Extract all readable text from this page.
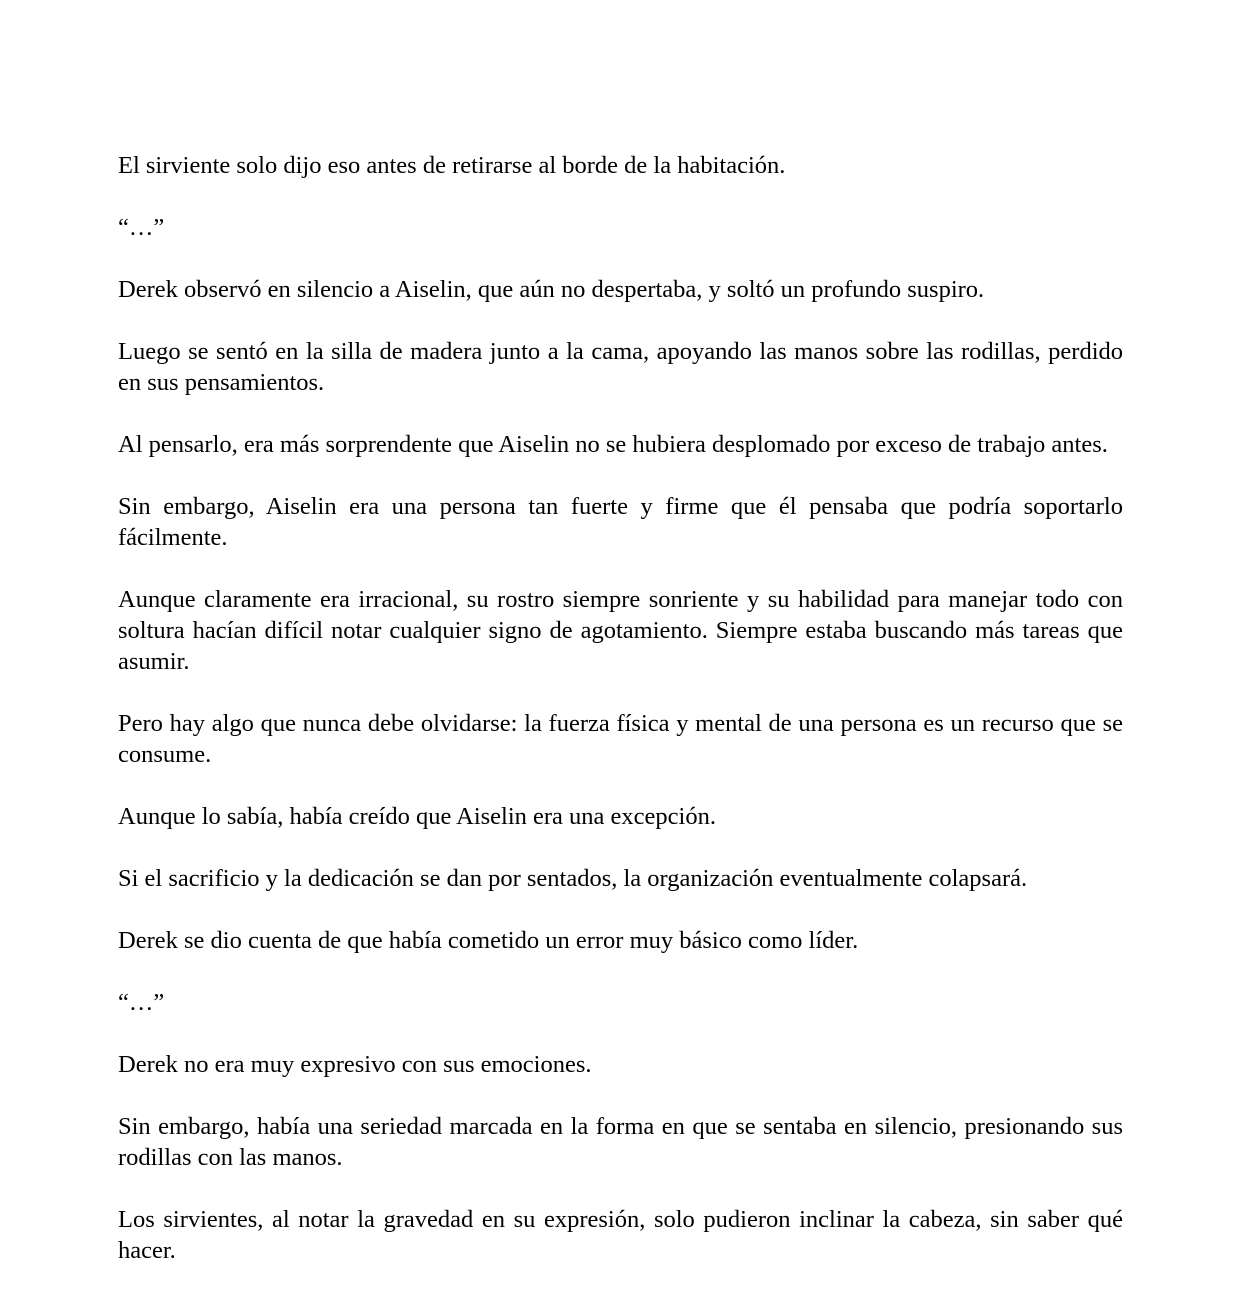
El sirviente solo dijo eso antes de retirarse al borde de la habitación.

“…”

Derek observó en silencio a Aiselin, que aún no despertaba, y soltó un profundo suspiro.

Luego se sentó en la silla de madera junto a la cama, apoyando las manos sobre las rodillas, perdido en sus pensamientos.

Al pensarlo, era más sorprendente que Aiselin no se hubiera desplomado por exceso de trabajo antes.

Sin embargo, Aiselin era una persona tan fuerte y firme que él pensaba que podría soportarlo fácilmente.

Aunque claramente era irracional, su rostro siempre sonriente y su habilidad para manejar todo con soltura hacían difícil notar cualquier signo de agotamiento. Siempre estaba buscando más tareas que asumir.

Pero hay algo que nunca debe olvidarse: la fuerza física y mental de una persona es un recurso que se consume.

Aunque lo sabía, había creído que Aiselin era una excepción.

Si el sacrificio y la dedicación se dan por sentados, la organización eventualmente colapsará.

Derek se dio cuenta de que había cometido un error muy básico como líder.

“…”

Derek no era muy expresivo con sus emociones.

Sin embargo, había una seriedad marcada en la forma en que se sentaba en silencio, presionando sus rodillas con las manos.

Los sirvientes, al notar la gravedad en su expresión, solo pudieron inclinar la cabeza, sin saber qué hacer.
